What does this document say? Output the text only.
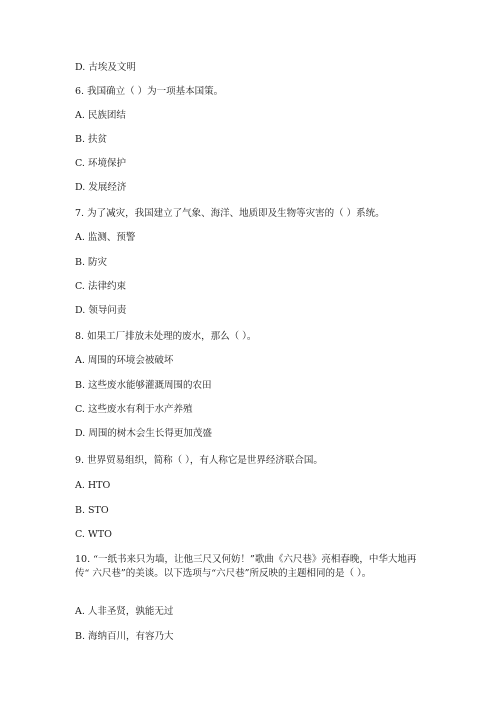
D. 古埃及文明
6. 我国确立（ ）为一项基本国策。
A. 民族团结
B. 扶贫
C. 环境保护
D. 发展经济
7. 为了减灾，我国建立了气象、海洋、地质即及生物等灾害的（ ）系统。
A. 监测、预警
B. 防灾
C. 法律约束
D. 领导问责
8. 如果工厂排放未处理的废水，那么（ ）。
A. 周围的环境会被破坏
B. 这些废水能够灌溉周围的农田
C. 这些废水有利于水产养殖
D. 周围的树木会生长得更加茂盛
9. 世界贸易组织，简称（ ），有人称它是世界经济联合国。
A. HTO
B. STO
C. WTO
10. “一纸书来只为墙，让他三尺又何妨！”歌曲《六尺巷》亮相春晚，中华大地再传“ 六尺巷”的美谈。以下选项与“六尺巷”所反映的主题相同的是（ ）。
A. 人非圣贤，孰能无过
B. 海纳百川，有容乃大
